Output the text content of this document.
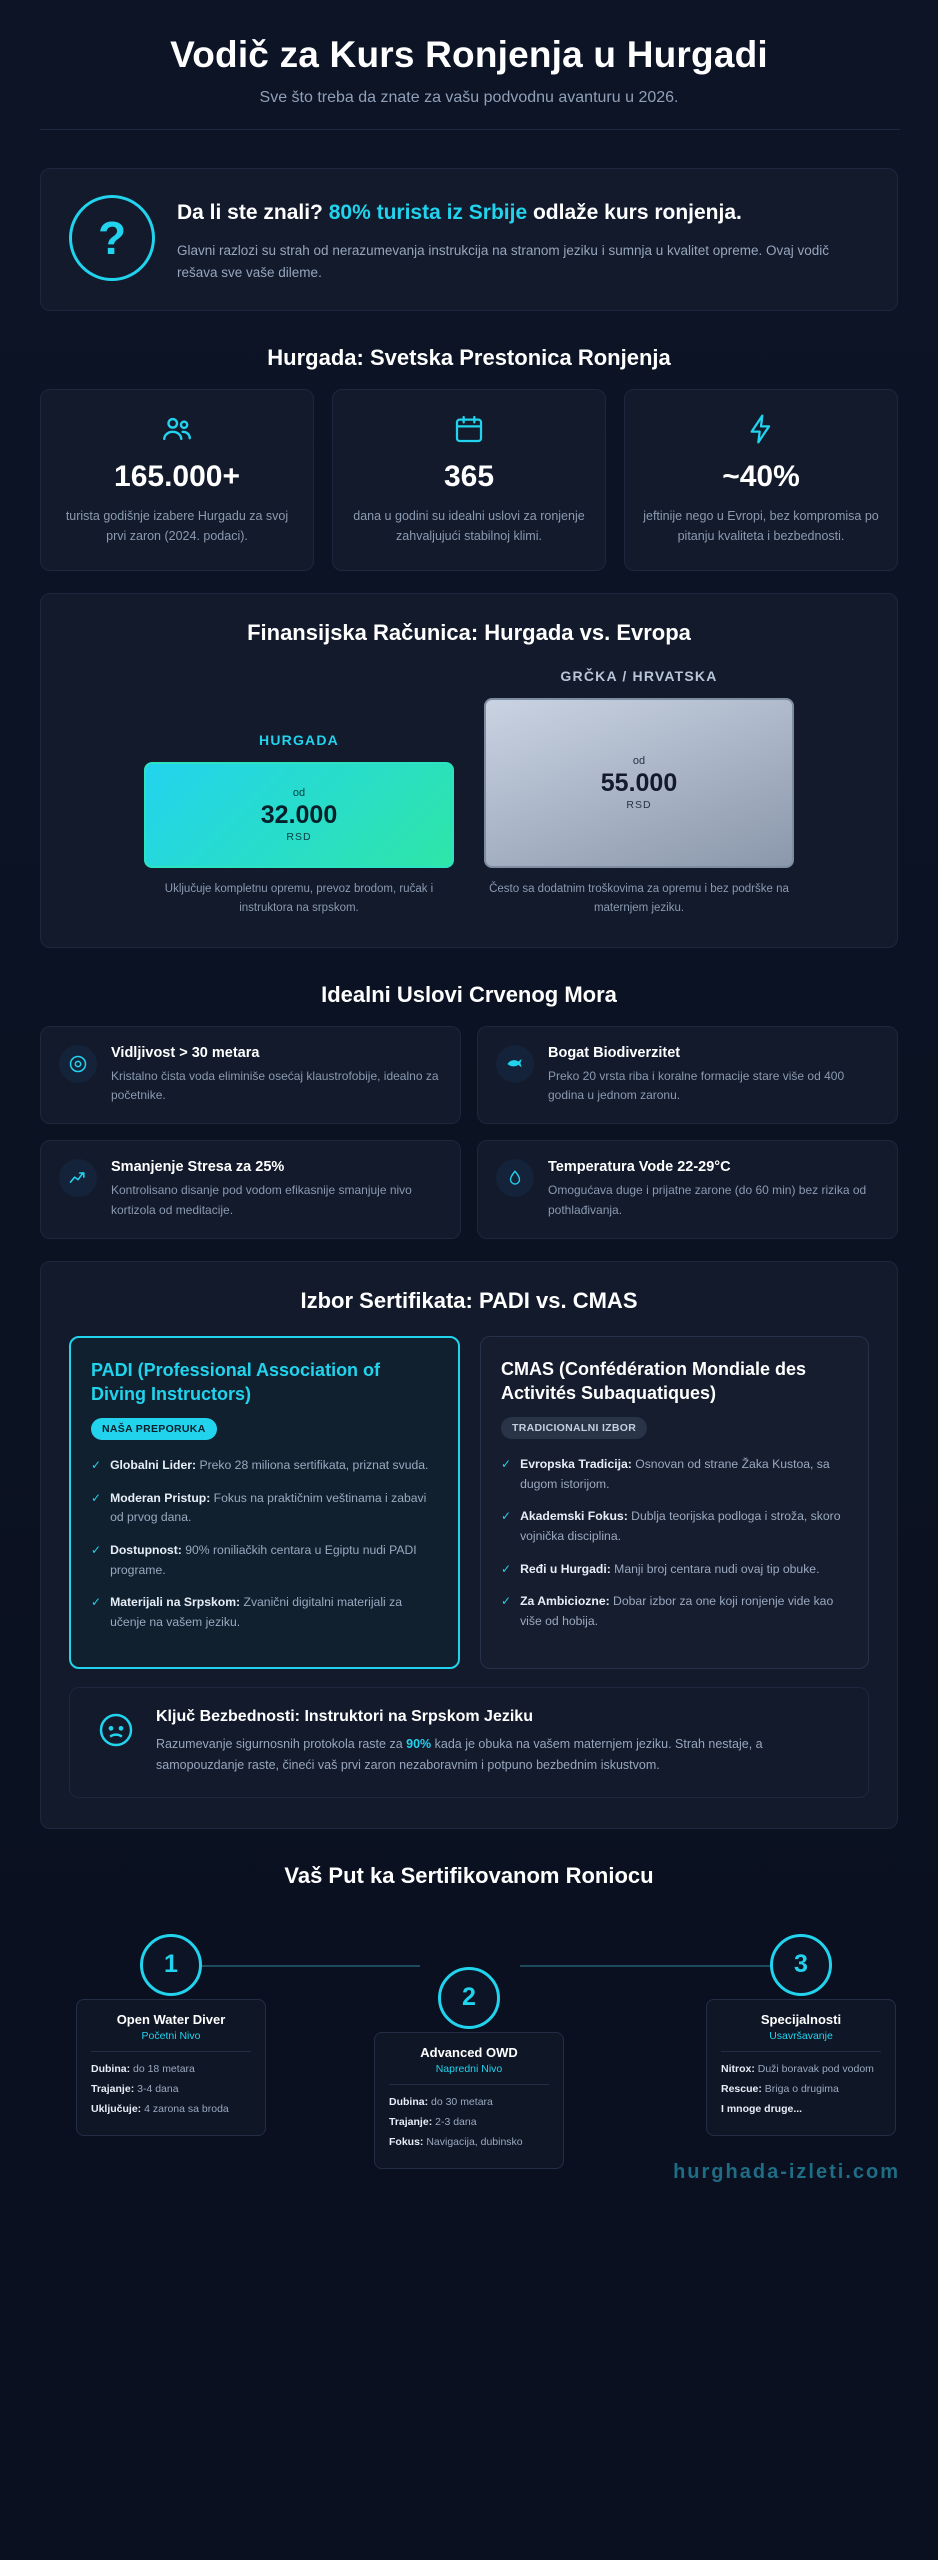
Vodič za Kurs Ronjenja u Hurgadi
Sve što treba da znate za vašu podvodnu avanturu u 2026.
?	Da li ste znali? 80% turista iz Srbije odlaže kurs ronjenja.

Glavni razlozi su strah od nerazumevanja instrukcija na stranom jeziku i sumnja u kvalitet opreme. Ovaj vodič rešava sve vaše dileme.

Hurgada: Svetska Prestonica Ronjenja
165.000+
turista godišnje izabere Hurgadu za svoj prvi zaron (2024. podaci).
365
dana u godini su idealni uslovi za ronjenje zahvaljujući stabilnoj klimi.
~40%
jeftinije nego u Evropi, bez kompromisa po pitanju kvaliteta i bezbednosti.
Finansijska Računica: Hurgada vs. Evropa
HURGADA
od
32.000
RSD
Uključuje kompletnu opremu, prevoz brodom, ručak i instruktora na srpskom.
GRČKA / HRVATSKA
od
55.000
RSD
Često sa dodatnim troškovima za opremu i bez podrške na maternjem jeziku.
Idealni Uslovi Crvenog Mora
Vidljivost > 30 metara
Kristalno čista voda eliminiše osećaj klaustrofobije, idealno za početnike.
Bogat Biodiverzitet
Preko 20 vrsta riba i koralne formacije stare više od 400 godina u jednom zaronu.
Smanjenje Stresa za 25%
Kontrolisano disanje pod vodom efikasnije smanjuje nivo kortizola od meditacije.
Temperatura Vode 22-29°C
Omogućava duge i prijatne zarone (do 60 min) bez rizika od pothlađivanja.
Izbor Sertifikata: PADI vs. CMAS
PADI (Professional Association of Diving Instructors)
NAŠA PREPORUKA
✓ Globalni Lider: Preko 28 miliona sertifikata, priznat svuda.
✓ Moderan Pristup: Fokus na praktičnim veštinama i zabavi od prvog dana.
✓ Dostupnost: 90% roniliačkih centara u Egiptu nudi PADI programe.
✓ Materijali na Srpskom: Zvanični digitalni materijali za učenje na vašem jeziku.
CMAS (Confédération Mondiale des Activités Subaquatiques)
TRADICIONALNI IZBOR
✓ Evropska Tradicija: Osnovan od strane Žaka Kustoa, sa dugom istorijom.
✓ Akademski Fokus: Dublja teorijska podloga i stroža, skoro vojnička disciplina.
✓ Ređi u Hurgadi: Manji broj centara nudi ovaj tip obuke.
✓ Za Ambiciozne: Dobar izbor za one koji ronjenje vide kao više od hobija.
Ključ Bezbednosti: Instruktori na Srpskom Jeziku

Razumevanje sigurnosnih protokola raste za 90% kada je obuka na vašem maternjem jeziku. Strah nestaje, a samopouzdanje raste, čineći vaš prvi zaron nezaboravnim i potpuno bezbednim iskustvom.

Vaš Put ka Sertifikovanom Roniocu
1
Open Water Diver
Početni Nivo
Dubina: do 18 metara
Trajanje: 3-4 dana
Uključuje: 4 zarona sa broda
2
Advanced OWD
Napredni Nivo
Dubina: do 30 metara
Trajanje: 2-3 dana
Fokus: Navigacija, dubinsko
3
Specijalnosti
Usavršavanje
Nitrox: Duži boravak pod vodom
Rescue: Briga o drugima
I mnoge druge...
hurghada-izleti.com
